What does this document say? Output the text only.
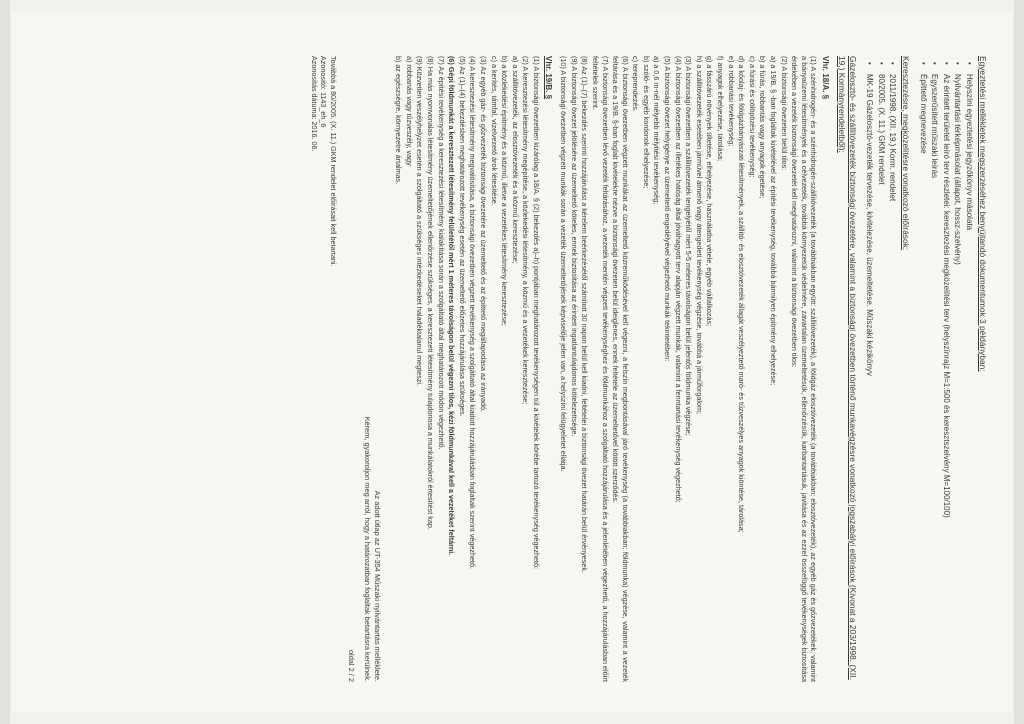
Egyeztetési mellékletek megszerzéséhez benyújtandó dokumentumok 3 példányban:
• Helyszíni egyeztetési jegyzőkönyv másolata
• Nyilvántartási térképmásolat (állapot, hossz-szelvény)
• Az érintett területet leíró terv részletei: keresztezési megközelítési terv (helyszínrajz M=1:500 és keresztszelvény M=100/100)
• Egyszerűsített műszaki leírás
• Építtető megnevezése
Keresztezésre, megközelítésre vonatkozó előírások:
• 2011/1998. (XII. 19.) Korm. rendelet
• 80/2005. (X. 11.) GKM rendelet
• MK-19 Gázelosztó-vezeték tervezése, kivitelezése, üzemeltetése. Műszaki kézikönyv
Gázelosztó- és szállítóvezeték biztonsági övezetére, valamint a biztonsági övezetben történő munkavégzésre vonatkozó jogszabályi előírások (Kivonat a 203/1998. (XII. 19.) Kormányrendeletből):
Vhr. 18/A. §

(1) A szénhidrogén- és a szénhidrogén-szállítóvezeték (a továbbiakban együtt: szállítóvezeték), a földgáz elosztóvezeték (a továbbiakban: elosztóvezeték), az egyéb gáz és gőzvezetékek, valamint a bányaüzemi létesítmények és a célvezeték, továbbá környezetük védelmére, zavartalan üzemeltetésük, ellenőrzésük, karbantartásuk, javítása és az ezzel összefüggő tevékenységek biztosítása érdekében a vezeték biztonsági övezetét kell meghatározni, valamint a biztonsági övezetben tilos:

(2) A biztonsági övezeten belül tilos:

a) a 19/B. § -ban foglaltak kivételével az építési tevékenység, továbbá bármilyen építmény elhelyezése;

b) a fúrás, robbantás vagy anyagok égetése;

c) a fúrási és cölöpözési tevékenység;

d) a kőolaj- és földgázbányászati létesítmények, a szállító- és elosztóvezeték állagát veszélyeztető maró- és tűzveszélyes anyagok kiöntése, tárolása;

e) a robbanási tevékenység;

f) anyagok elhelyezése, tárolása;

g) a fásszárú növények ültetése, elhelyezése, használatba vétele, egyéb vállalkozás;

h) a szállítóvezeték esetében járművel átmenő vagy átengedett tevékenység végzése, továbbá a járműforgalom;

(3) A biztonsági övezetben a szállítóvezeték tengelyétől mért 5-5 méteres távolságon belül jelentős földmunka végzése;

(4) A biztonsági övezetben az illetékes hatóság által jóváhagyott terv alapján végzett munkák, valamint a fenntartási tevékenység végezhető;

(5) A biztonsági övezet helyigénye az üzemeltető engedélyével végezhető munkák tekintetében:

a) a 0,6 m-nél mélyebb mélyítési tevékenység;

b) szóló- és egyéb kordonok elhelyezése;

c) tereprendezés.

(6) A biztonsági övezetben végzett munkákat az üzemeltető közreműködésével kell végezni, a felszín megbontásával járó tevékenység (a továbbiakban: földmunka) végzése, valamint a vezeték feltárása és a 19/B. §-ban foglalt kivételekre nézve a biztonsági övezeten belül ideiglenes, ennek feltétele az üzemeltetővel kötött szerződés.

(7) A biztonsági övezetben lévő vezeték feltárásához, a vezeték mentén végzett tevékenységhez és földmunkához a szolgáltató hozzájárulása és a jelenlétében végezhető, a hozzájárulásban előírt feltételek szerint.

(8) Az (1)–(7) bekezdés szerinti hozzájárulást a kérelem beérkezésétől számított 30 napon belül kell kiadni, feltételei a biztonsági övezet határán belül érvényesek.

(9) A biztonsági övezet jelölésére az üzemeltető köteles, ennek biztosítása az érintett ingatlantulajdonos kötelezettsége.

(10) A biztonsági övezetben végzett munkák során a vezeték üzemeltetőjének képviselője jelen van, a helyszíni felügyeletet ellátja.

Vhr. 19/B. §

(1) A biztonsági övezetben kizárólag a 18/A. § (2) bekezdés a)–h) pontjában meghatározott tevékenységen túl a kivételek körébe tartozó tevékenység végezhető:

(2) A keresztezési létesítmény megépítése, a közlekedési létesítmény, a közmű és a vezetékek keresztezése;

a) a szállítóvezeték, az elosztóvezeték és a közmű keresztezése;

b) a közlekedési építmény és a közmű, illetve a vezetékes létesítmény keresztezése;

c) a kerítés, támfal, vízelvezető árok létesítése.

(3) Az egyéb gáz- és gőzvezeték biztonsági övezetére az üzemeltető és az építtető megállapodása az irányadó.

(4) A keresztezési létesítmény megvalósítása, a biztonsági övezetben végzett tevékenység a szolgáltató által kiadott hozzájárulásban foglaltak szerint végezhető.

(5) Az (1)–(4) bekezdésben meghatározott tevékenység esetén az üzemeltető előzetes hozzájárulása szükséges.

(6) Gépi földmunkát a keresztezett létesítmény felületétől mért 1 méteres távolságon belül végezni tilos, kézi földmunkával kell a vezetéket feltárni.

(7) Az építési tevékenység a keresztezési létesítmény kialakítása során a szolgáltató által meghatározott módon végezhető.

(8) Ha más nyomvonalas létesítmény üzemeltetőjének ellenőrzése szükséges, a keresztezett létesítmény tulajdonosa a munkálatokról értesítést kap.

(9) Közvetlen veszélyhelyzet esetén a szolgáltató a szükséges intézkedéseket haladéktalanul megteszi.

a) robbanás vagy tűzveszély, vagy

b) az egészségre, környezetre ártalmas.

Az adott útlap az UT-354 Műszaki nyilvántartás melléklete.
Kérem, gyakoroljon meg arról, hogy a határozatban foglaltak betartásra kerülnek.
oldal 2 / 2
Továbbá a 80/2005. (X. 11.) GKM rendelet előírásait kell betartani.
Azonosító: 1143_eh_6
Azonosítás dátuma: 2016. 06.
